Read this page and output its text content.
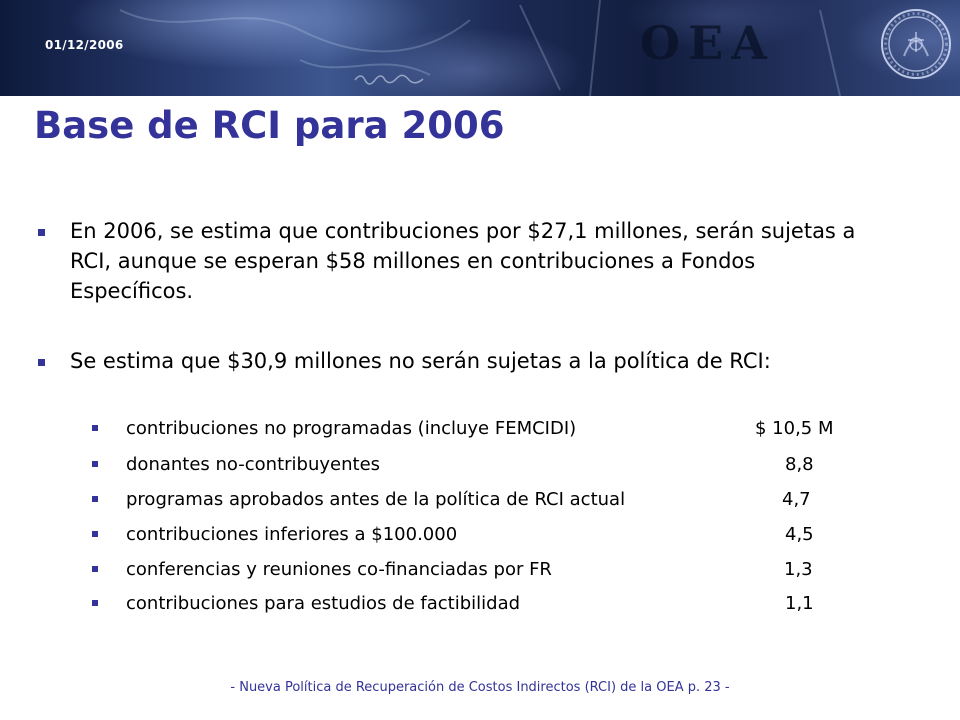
01/12/2006	OEA
Base de RCI para 2006
En 2006, se estima que contribuciones por $27,1 millones, serán sujetas a RCI, aunque se esperan $58 millones en contribuciones a Fondos Específicos.
Se estima que $30,9 millones no serán sujetas a la política de RCI:
contribuciones no programadas (incluye FEMCIDI)	$ 10,5 M
donantes no-contribuyentes	8,8
programas aprobados antes de la política de RCI actual	4,7
contribuciones inferiores a $100.000	4,5
conferencias y reuniones co-financiadas por FR	1,3
contribuciones para estudios de factibilidad	1,1
- Nueva Política de Recuperación de Costos Indirectos (RCI) de la OEA p. 23 -
